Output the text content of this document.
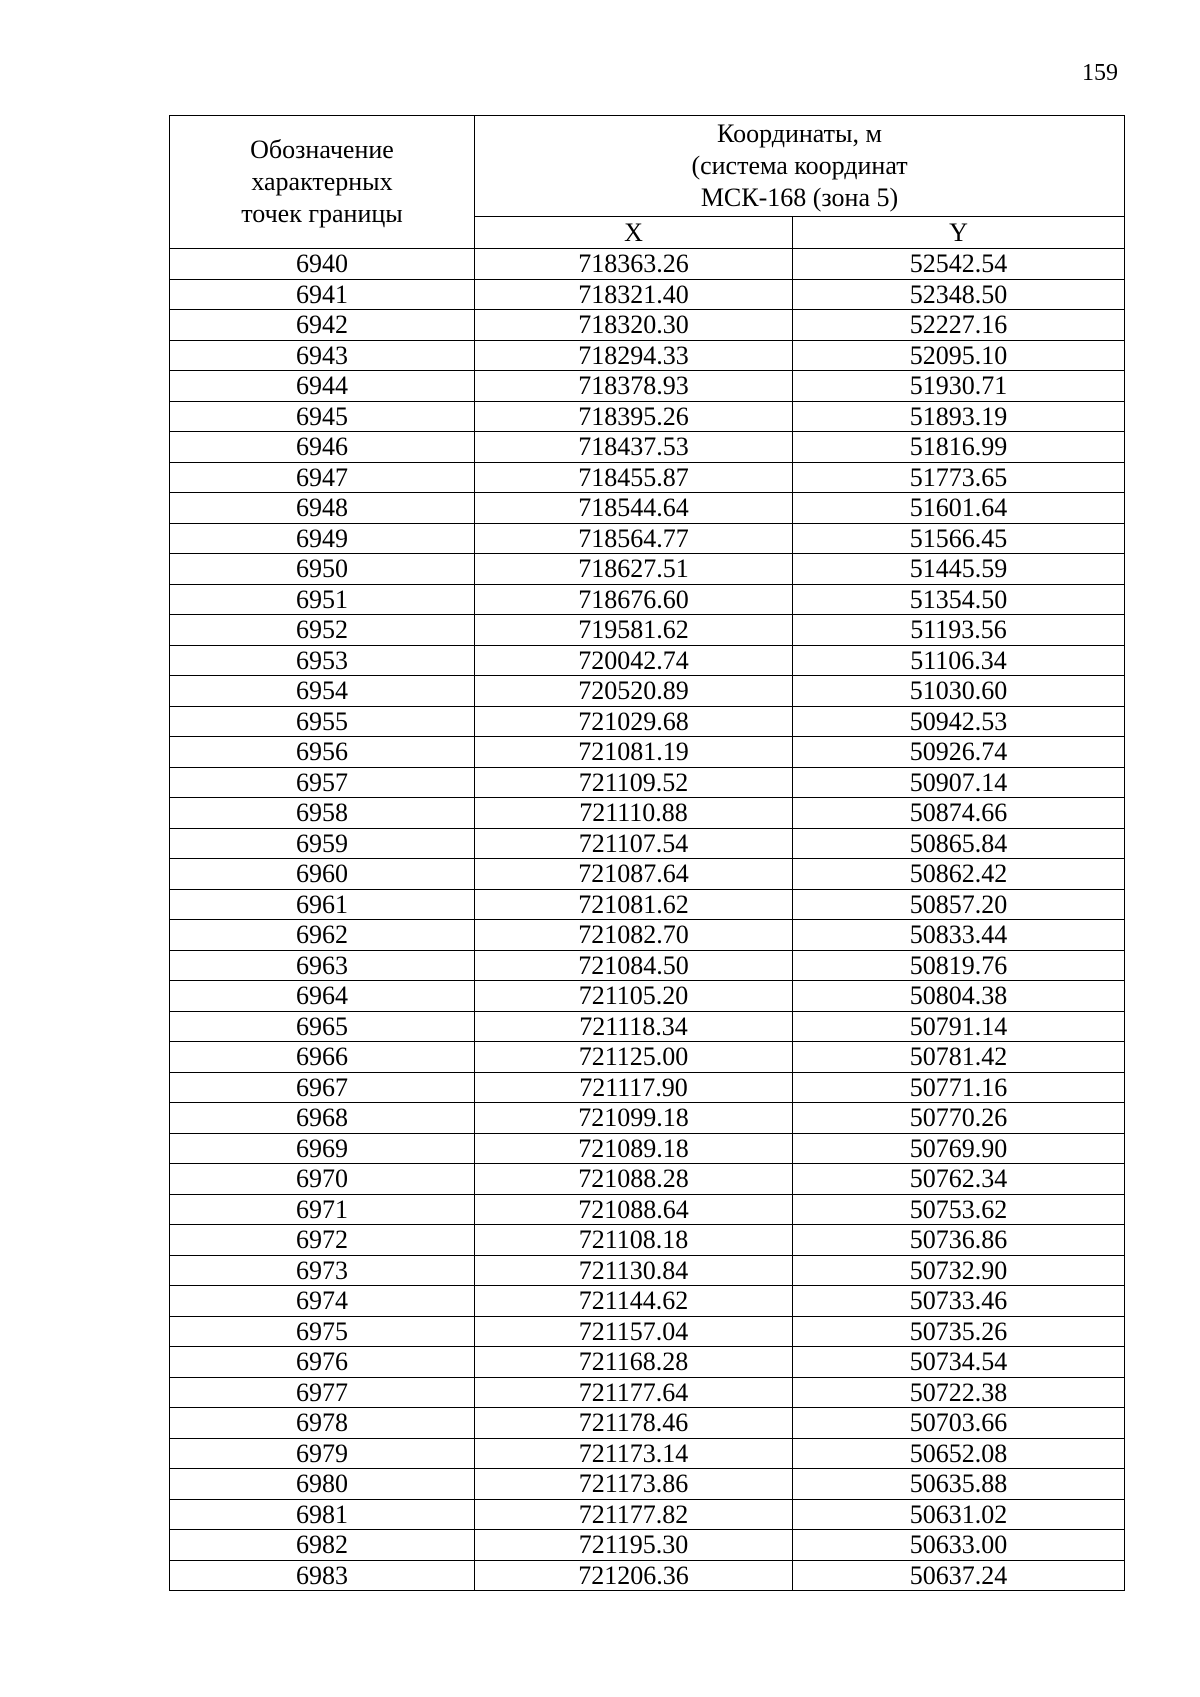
159
Обозначение
характерных
точек границы	Координаты, м
(система координат
МСК-168 (зона 5)	

	X	Y
6940	718363.26	52542.54
6941	718321.40	52348.50
6942	718320.30	52227.16
6943	718294.33	52095.10
6944	718378.93	51930.71
6945	718395.26	51893.19
6946	718437.53	51816.99
6947	718455.87	51773.65
6948	718544.64	51601.64
6949	718564.77	51566.45
6950	718627.51	51445.59
6951	718676.60	51354.50
6952	719581.62	51193.56
6953	720042.74	51106.34
6954	720520.89	51030.60
6955	721029.68	50942.53
6956	721081.19	50926.74
6957	721109.52	50907.14
6958	721110.88	50874.66
6959	721107.54	50865.84
6960	721087.64	50862.42
6961	721081.62	50857.20
6962	721082.70	50833.44
6963	721084.50	50819.76
6964	721105.20	50804.38
6965	721118.34	50791.14
6966	721125.00	50781.42
6967	721117.90	50771.16
6968	721099.18	50770.26
6969	721089.18	50769.90
6970	721088.28	50762.34
6971	721088.64	50753.62
6972	721108.18	50736.86
6973	721130.84	50732.90
6974	721144.62	50733.46
6975	721157.04	50735.26
6976	721168.28	50734.54
6977	721177.64	50722.38
6978	721178.46	50703.66
6979	721173.14	50652.08
6980	721173.86	50635.88
6981	721177.82	50631.02
6982	721195.30	50633.00
6983	721206.36	50637.24
